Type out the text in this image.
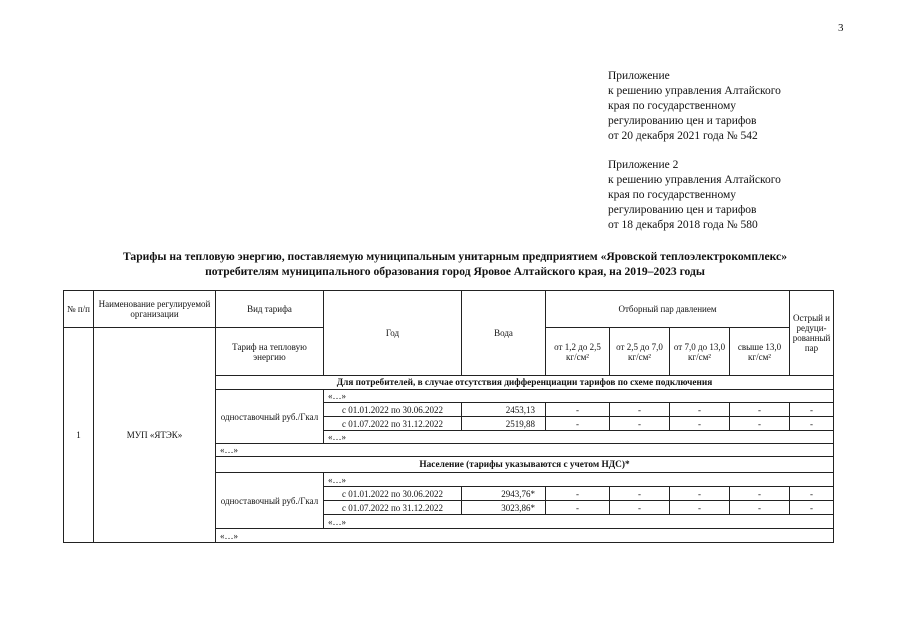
3
Приложение
к решению управления Алтайского
края по государственному
регулированию цен и тарифов
от 20 декабря 2021 года № 542
Приложение 2
к решению управления Алтайского
края по государственному
регулированию цен и тарифов
от 18 декабря 2018 года № 580
Тарифы на тепловую энергию, поставляемую муниципальным унитарным предприятием «Яровской теплоэлектрокомплекс»
потребителям муниципального образования город Яровое Алтайского края, на 2019–2023 годы
№ п/п	Наименование регулируемой организации	Вид тарифа	Год	Вода	Отборный пар давлением				Острый и редуци-рованный пар
1	МУП «ЯТЭК»	Тариф на тепловую энергию			от 1,2 до 2,5 кг/см²	от 2,5 до 7,0 кг/см²	от 7,0 до 13,0 кг/см²	свыше 13,0 кг/см²	
		Для потребителей, в случае отсутствия дифференциации тарифов по схеме подключения							
		одноставочный руб./Гкал	«…»						
			с 01.01.2022 по 30.06.2022	2453,13	-	-	-	-	-
			с 01.07.2022 по 31.12.2022	2519,88	-	-	-	-	-
			«…»						
		«…»							
		Население (тарифы указываются с учетом НДС)*							
		одноставочный руб./Гкал	«…»						
			с 01.01.2022 по 30.06.2022	2943,76*	-	-	-	-	-
			с 01.07.2022 по 31.12.2022	3023,86*	-	-	-	-	-
			«…»						
		«…»							
